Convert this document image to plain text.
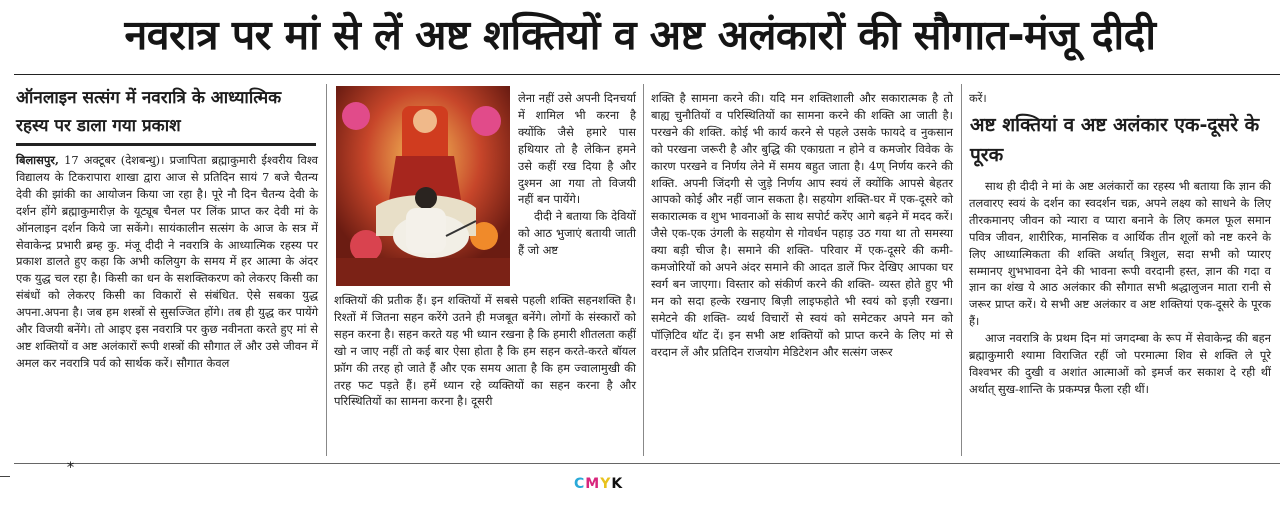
नवरात्र पर मां से लें अष्ट शक्तियों व अष्ट अलंकारों की सौगात-मंजू दीदी
ऑनलाइन सत्संग में नवरात्रि के आध्यात्मिक रहस्य पर डाला गया प्रकाश

बिलासपुर, 17 अक्टूबर (देशबन्धु)। प्रजापिता ब्रह्माकुमारी ईश्वरीय विश्व विद्यालय के टिकरापारा शाखा द्वारा आज से प्रतिदिन सायं 7 बजे चैतन्य देवी की झांकी का आयोजन किया जा रहा है। पूरे नौ दिन चैतन्य देवी के दर्शन होंगे ब्रह्माकुमारीज़ के यूट्यूब चैनल पर लिंक प्राप्त कर देवी मां के ऑनलाइन दर्शन किये जा सकेंगे। सायंकालीन सत्संग के आज के सत्र में सेवाकेन्द्र प्रभारी ब्रम्ह कु. मंजू दीदी ने नवरात्रि के आध्यात्मिक रहस्य पर प्रकाश डालते हुए कहा कि अभी कलियुग के समय में हर आत्मा के अंदर एक युद्ध चल रहा है। किसी का धन के सशक्तिकरण को लेकरए किसी का संबंधों को लेकरए किसी का विकारों से संबंधित. ऐसे सबका युद्ध अपना.अपना है। जब हम शस्त्रों से सुसज्जित होंगे। तब ही युद्ध कर पायेंगे और विजयी बनेंगे। तो आइए इस नवरात्रि पर कुछ नवीनता करते हुए मां से अष्ट शक्तियों व अष्ट अलंकारों रूपी शस्त्रों की सौगात लें और उसे जीवन में अमल कर नवरात्रि पर्व को सार्थक करें। सौगात केवल

लेना नहीं उसे अपनी दिनचर्या में शामिल भी करना है क्योंकि जैसे हमारे पास हथियार तो है लेकिन हमने उसे कहीं रख दिया है और दुश्मन आ गया तो विजयी नहीं बन पायेंगे।

दीदी ने बताया कि देवियों को आठ भुजाएं बतायी जाती हैं जो अष्ट

शक्तियों की प्रतीक हैं। इन शक्तियों में सबसे पहली शक्ति सहनशक्ति है। रिश्तों में जितना सहन करेंगे उतने ही मजबूत बनेंगे। लोगों के संस्कारों को सहन करना है। सहन करते यह भी ध्यान रखना है कि हमारी शीतलता कहीं खो न जाए नहीं तो कई बार ऐसा होता है कि हम सहन करते-करते बॉयल फ्रॉग की तरह हो जाते हैं और एक समय आता है कि हम ज्वालामुखी की तरह फट पड़ते हैं। हमें ध्यान रहे व्यक्तियों का सहन करना है और परिस्थितियों का सामना करना है। दूसरी

शक्ति है सामना करने की। यदि मन शक्तिशाली और सकारात्मक है तो बाह्य चुनौतियों व परिस्थितियों का सामना करने की शक्ति आ जाती है। परखने की शक्ति. कोई भी कार्य करने से पहले उसके फायदे व नुकसान को परखना जरूरी है और बुद्धि की एकाग्रता न होने व कमजोर विवेक के कारण परखने व निर्णय लेने में समय बहुत जाता है। 4ण् निर्णय करने की शक्ति. अपनी जिंदगी से जुड़े निर्णय आप स्वयं लें क्योंकि आपसे बेहतर आपको कोई और नहीं जान सकता है। सहयोग शक्ति-घर में एक-दूसरे को सकारात्मक व शुभ भावनाओं के साथ सपोर्ट करेंए आगे बढ़ने में मदद करें। जैसे एक-एक उंगली के सहयोग से गोवर्धन पहाड़ उठ गया था तो समस्या क्या बड़ी चीज है। समाने की शक्ति- परिवार में एक-दूसरे की कमी-कमजोरियों को अपने अंदर समाने की आदत डालें फिर देखिए आपका घर स्वर्ग बन जाएगा। विस्तार को संकीर्ण करने की शक्ति- व्यस्त होते हुए भी मन को सदा हल्के रखनाए बिज़ी लाइफहोते भी स्वयं को इज़ी रखना। समेटने की शक्ति- व्यर्थ विचारों से स्वयं को समेटकर अपने मन को पॉज़िटिव थॉट दें। इन सभी अष्ट शक्तियों को प्राप्त करने के लिए मां से वरदान लें और प्रतिदिन राजयोग मेडिटेशन और सत्संग जरूर

करें।

अष्ट शक्तियां व अष्ट अलंकार एक-दूसरे के पूरक

साथ ही दीदी ने मां के अष्ट अलंकारों का रहस्य भी बताया कि ज्ञान की तलवारए स्वयं के दर्शन का स्वदर्शन चक्र, अपने लक्ष्य को साधने के लिए तीरकमानए जीवन को न्यारा व प्यारा बनाने के लिए कमल फूल समान पवित्र जीवन, शारीरिक, मानसिक व आर्थिक तीन शूलों को नष्ट करने के लिए आध्यात्मिकता की शक्ति अर्थात् त्रिशुल, सदा सभी को प्यारए सम्मानए शुभभावना देने की भावना रूपी वरदानी हस्त, ज्ञान की गदा व ज्ञान का शंख ये आठ अलंकार की सौगात सभी श्रद्धालुजन माता रानी से जरूर प्राप्त करें। ये सभी अष्ट अलंकार व अष्ट शक्तियां एक-दूसरे के पूरक हैं।

आज नवरात्रि के प्रथम दिन मां जगदम्बा के रूप में सेवाकेन्द्र की बहन ब्रह्माकुमारी श्यामा विराजित रहीं जो परमात्मा शिव से शक्ति ले पूरे विश्वभर की दुखी व अशांत आत्माओं को इमर्ज कर सकाश दे रही थीं अर्थात् सुख-शान्ति के प्रकम्पन्न फैला रही थीं।

*
CMYK
